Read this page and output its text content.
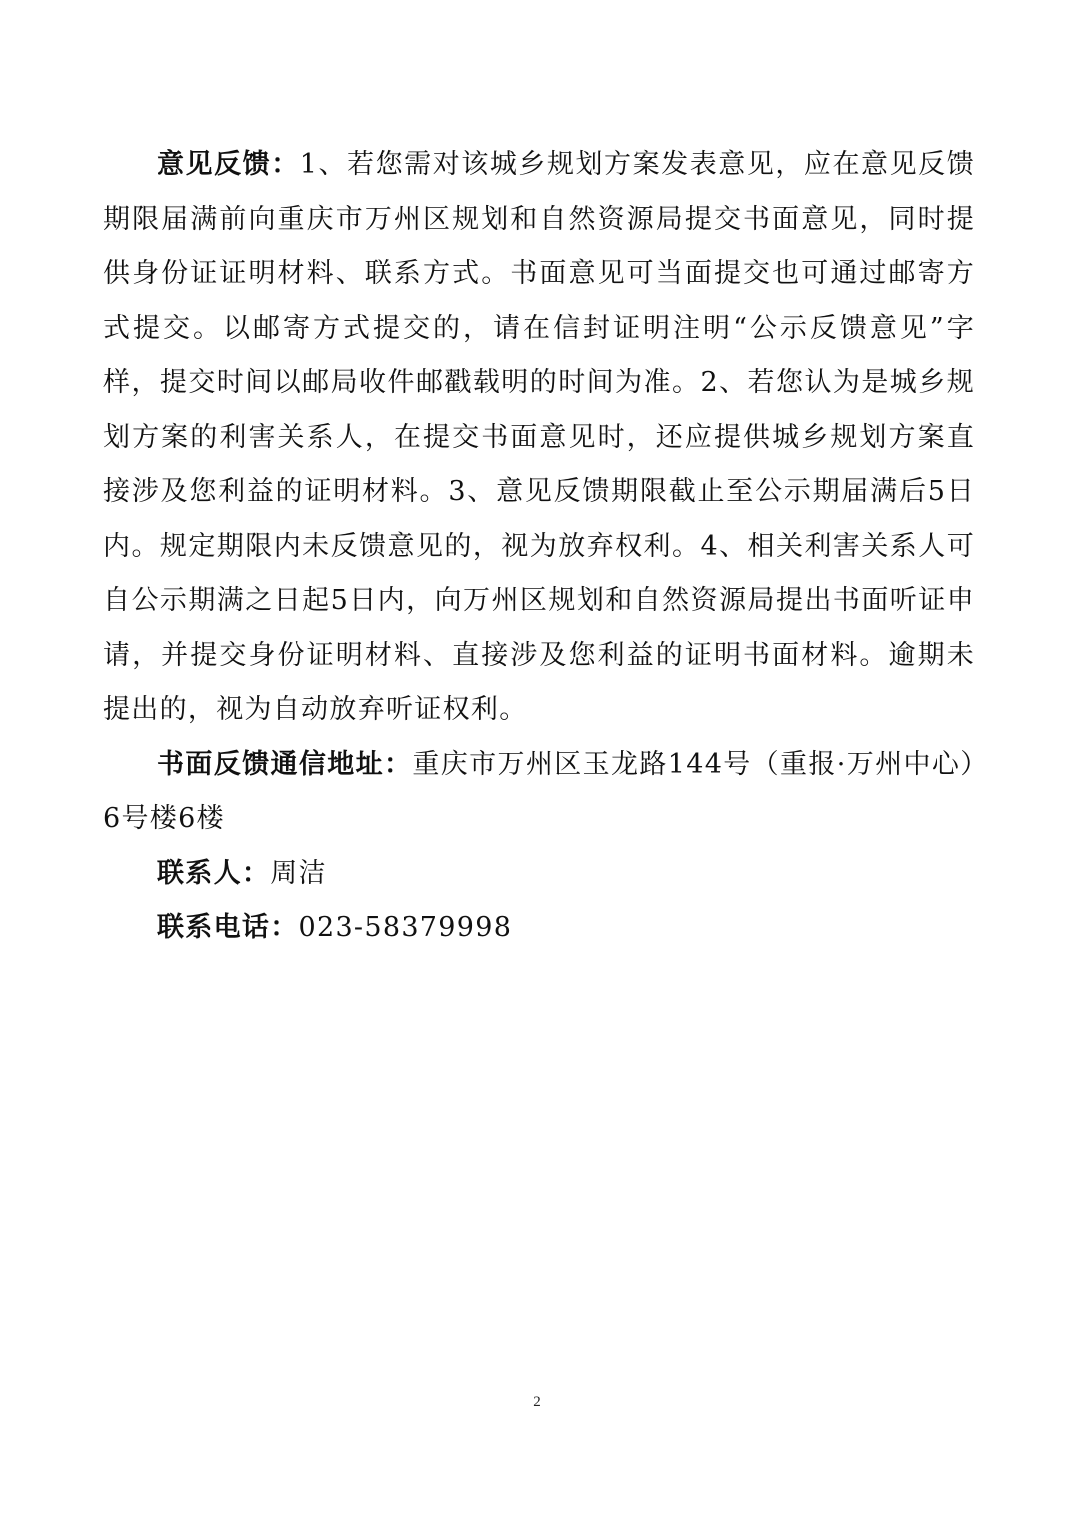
意见反馈：1、若您需对该城乡规划方案发表意见，应在意见反馈期限届满前向重庆市万州区规划和自然资源局提交书面意见，同时提供身份证证明材料、联系方式。书面意见可当面提交也可通过邮寄方式提交。以邮寄方式提交的，请在信封证明注明“公示反馈意见”字样，提交时间以邮局收件邮戳载明的时间为准。2、若您认为是城乡规划方案的利害关系人，在提交书面意见时，还应提供城乡规划方案直接涉及您利益的证明材料。3、意见反馈期限截止至公示期届满后5日内。规定期限内未反馈意见的，视为放弃权利。4、相关利害关系人可自公示期满之日起5日内，向万州区规划和自然资源局提出书面听证申请，并提交身份证明材料、直接涉及您利益的证明书面材料。逾期未提出的，视为自动放弃听证权利。

书面反馈通信地址：重庆市万州区玉龙路144号（重报·万州中心）6号楼6楼

联系人：周洁

联系电话：023-58379998

2
